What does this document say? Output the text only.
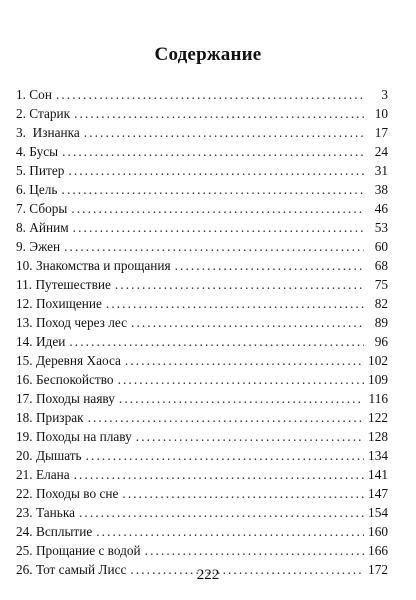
Содержание
1. Сон .....	3
2. Старик .....	10
3.  Изнанка .....	17
4. Бусы .....	24
5. Питер .....	31
6. Цель .....	38
7. Сборы .....	46
8. Айним .....	53
9. Эжен .....	60
10. Знакомства и прощания .....	68
11. Путешествие .....	75
12. Похищение .....	82
13. Поход через лес .....	89
14. Идеи .....	96
15. Деревня Хаоса .....	102
16. Беспокойство .....	109
17. Походы наяву .....	116
18. Призрак .....	122
19. Походы на плаву .....	128
20. Дышать .....	134
21. Елана .....	141
22. Походы во сне .....	147
23. Танька .....	154
24. Всплытие .....	160
25. Прощание с водой .....	166
26. Тот самый Лисс .....	172
222
